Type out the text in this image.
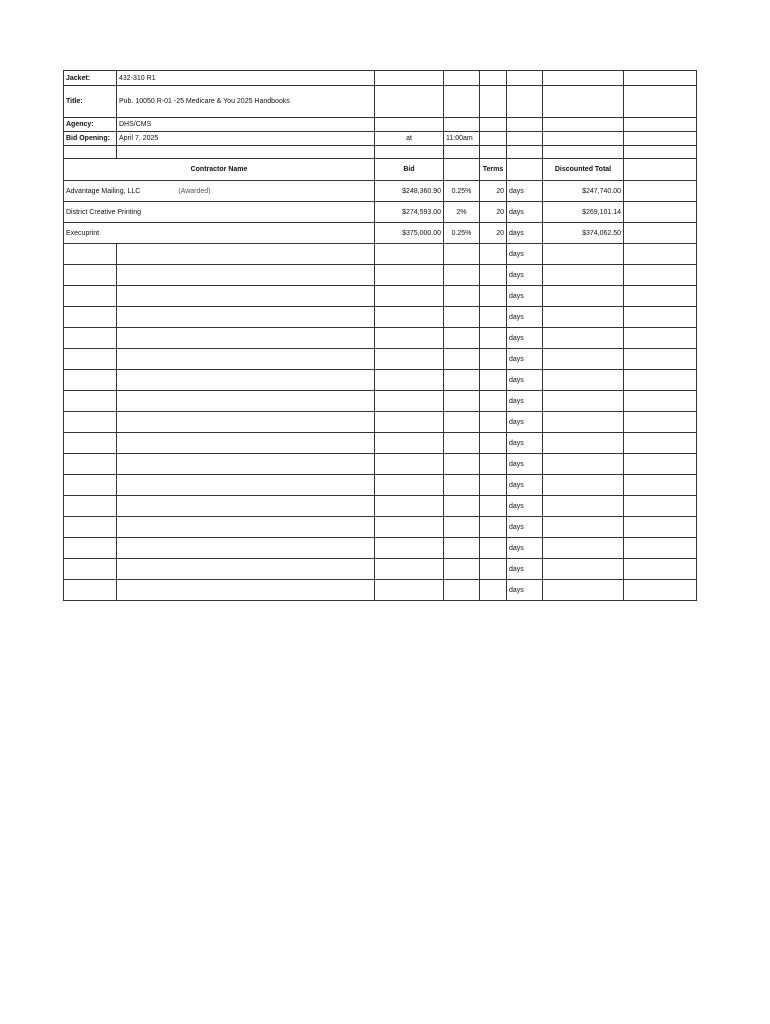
Jacket:	432-310 R1						
Title:	Pub. 10050 R-01 -25 Medicare & You 2025 Handbooks						
Agency:	DHS/CMS						
Bid Opening:	April 7, 2025	at	11:00am				

Contractor Name		Bid		Terms		Discounted Total	
Advantage Mailing, LLC (Awarded)		$248,360.90	0.25%	20	days	$247,740.00	
District Creative Printing		$274,593.00	2%	20	days	$269,101.14	
Execuprint		$375,000.00	0.25%	20	days	$374,062.50	
					days		
					days		
					days		
					days		
					days		
					days		
					days		
					days		
					days		
					days		
					days		
					days		
					days		
					days		
					days		
					days		
					days		
